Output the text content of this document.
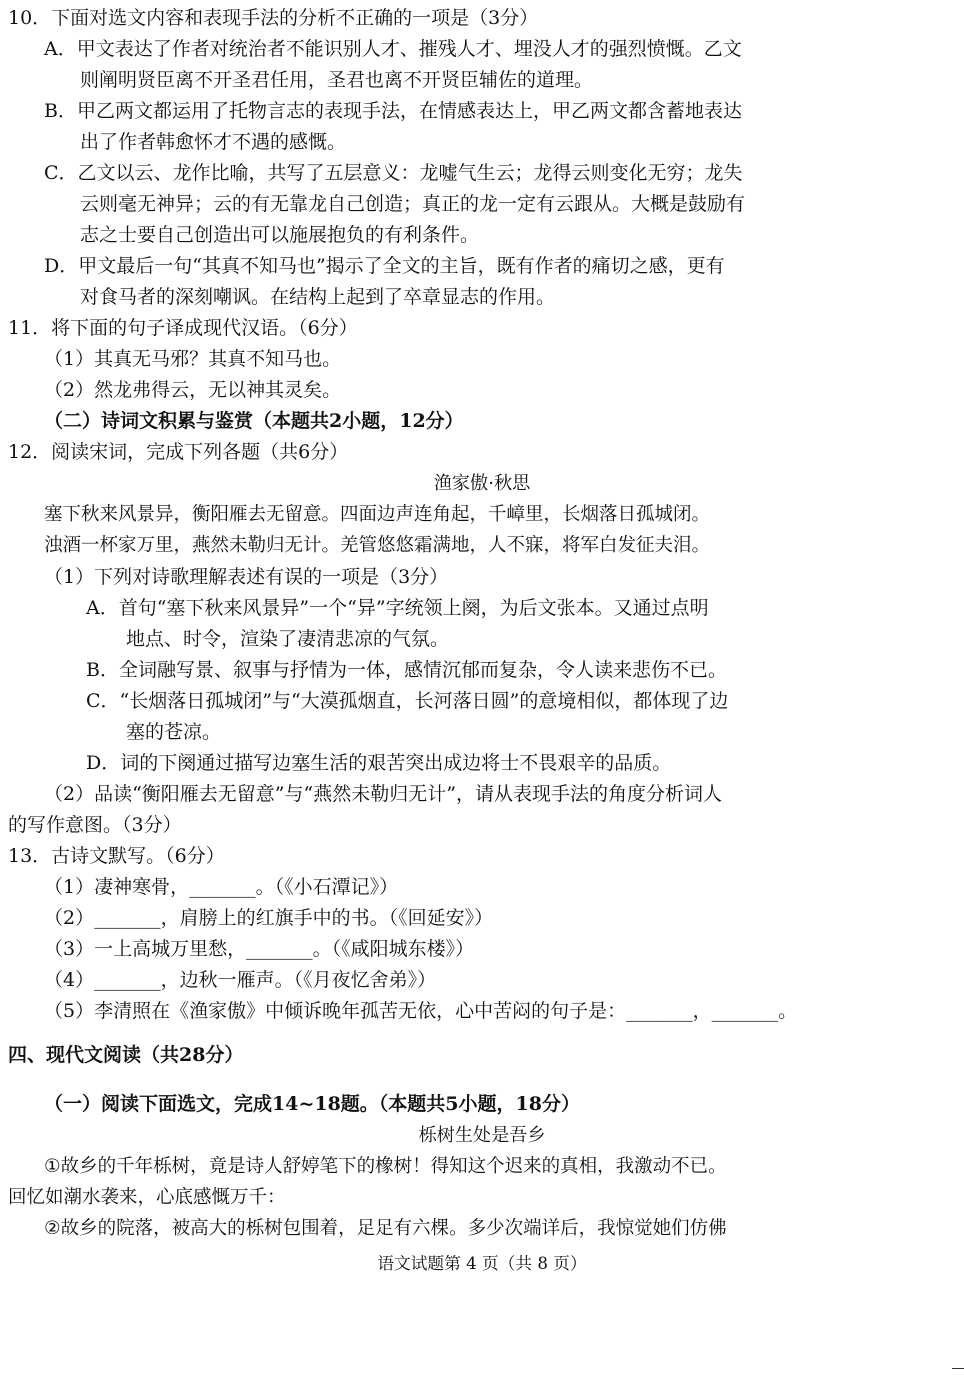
10．下面对选文内容和表现手法的分析不正确的一项是（3分）
A．甲文表达了作者对统治者不能识别人才、摧残人才、埋没人才的强烈愤慨。乙文
则阐明贤臣离不开圣君任用，圣君也离不开贤臣辅佐的道理。
B．甲乙两文都运用了托物言志的表现手法，在情感表达上，甲乙两文都含蓄地表达
出了作者韩愈怀才不遇的感慨。
C．乙文以云、龙作比喻，共写了五层意义：龙嘘气生云；龙得云则变化无穷；龙失
云则毫无神异；云的有无靠龙自己创造；真正的龙一定有云跟从。大概是鼓励有
志之士要自己创造出可以施展抱负的有利条件。
D．甲文最后一句“其真不知马也”揭示了全文的主旨，既有作者的痛切之感，更有
对食马者的深刻嘲讽。在结构上起到了卒章显志的作用。
11．将下面的句子译成现代汉语。（6分）
（1）其真无马邪？其真不知马也。
（2）然龙弗得云，无以神其灵矣。
（二）诗词文积累与鉴赏（本题共2小题，12分）
12．阅读宋词，完成下列各题（共6分）
渔家傲·秋思
塞下秋来风景异，衡阳雁去无留意。四面边声连角起，千嶂里，长烟落日孤城闭。
浊酒一杯家万里，燕然未勒归无计。羌管悠悠霜满地，人不寐，将军白发征夫泪。
（1）下列对诗歌理解表述有误的一项是（3分）
A．首句“塞下秋来风景异”一个“异”字统领上阕，为后文张本。又通过点明
地点、时令，渲染了凄清悲凉的气氛。
B．全词融写景、叙事与抒情为一体，感情沉郁而复杂，令人读来悲伤不已。
C．“长烟落日孤城闭”与“大漠孤烟直，长河落日圆”的意境相似，都体现了边
塞的苍凉。
D．词的下阕通过描写边塞生活的艰苦突出成边将士不畏艰辛的品质。
（2）品读“衡阳雁去无留意”与“燕然未勒归无计”，请从表现手法的角度分析词人
的写作意图。（3分）
13．古诗文默写。（6分）
（1）凄神寒骨，_______。（《小石潭记》）
（2）_______，肩膀上的红旗手中的书。（《回延安》）
（3）一上高城万里愁，_______。（《咸阳城东楼》）
（4）_______，边秋一雁声。（《月夜忆舍弟》）
（5）李清照在《渔家傲》中倾诉晚年孤苦无依，心中苦闷的句子是：_______，_______。
四、现代文阅读（共28分）
（一）阅读下面选文，完成14~18题。（本题共5小题，18分）
栎树生处是吾乡
①故乡的千年栎树，竟是诗人舒婷笔下的橡树！得知这个迟来的真相，我激动不已。
回忆如潮水袭来，心底感慨万千：
②故乡的院落，被高大的栎树包围着，足足有六棵。多少次端详后，我惊觉她们仿佛
语文试题第 4 页（共 8 页）
